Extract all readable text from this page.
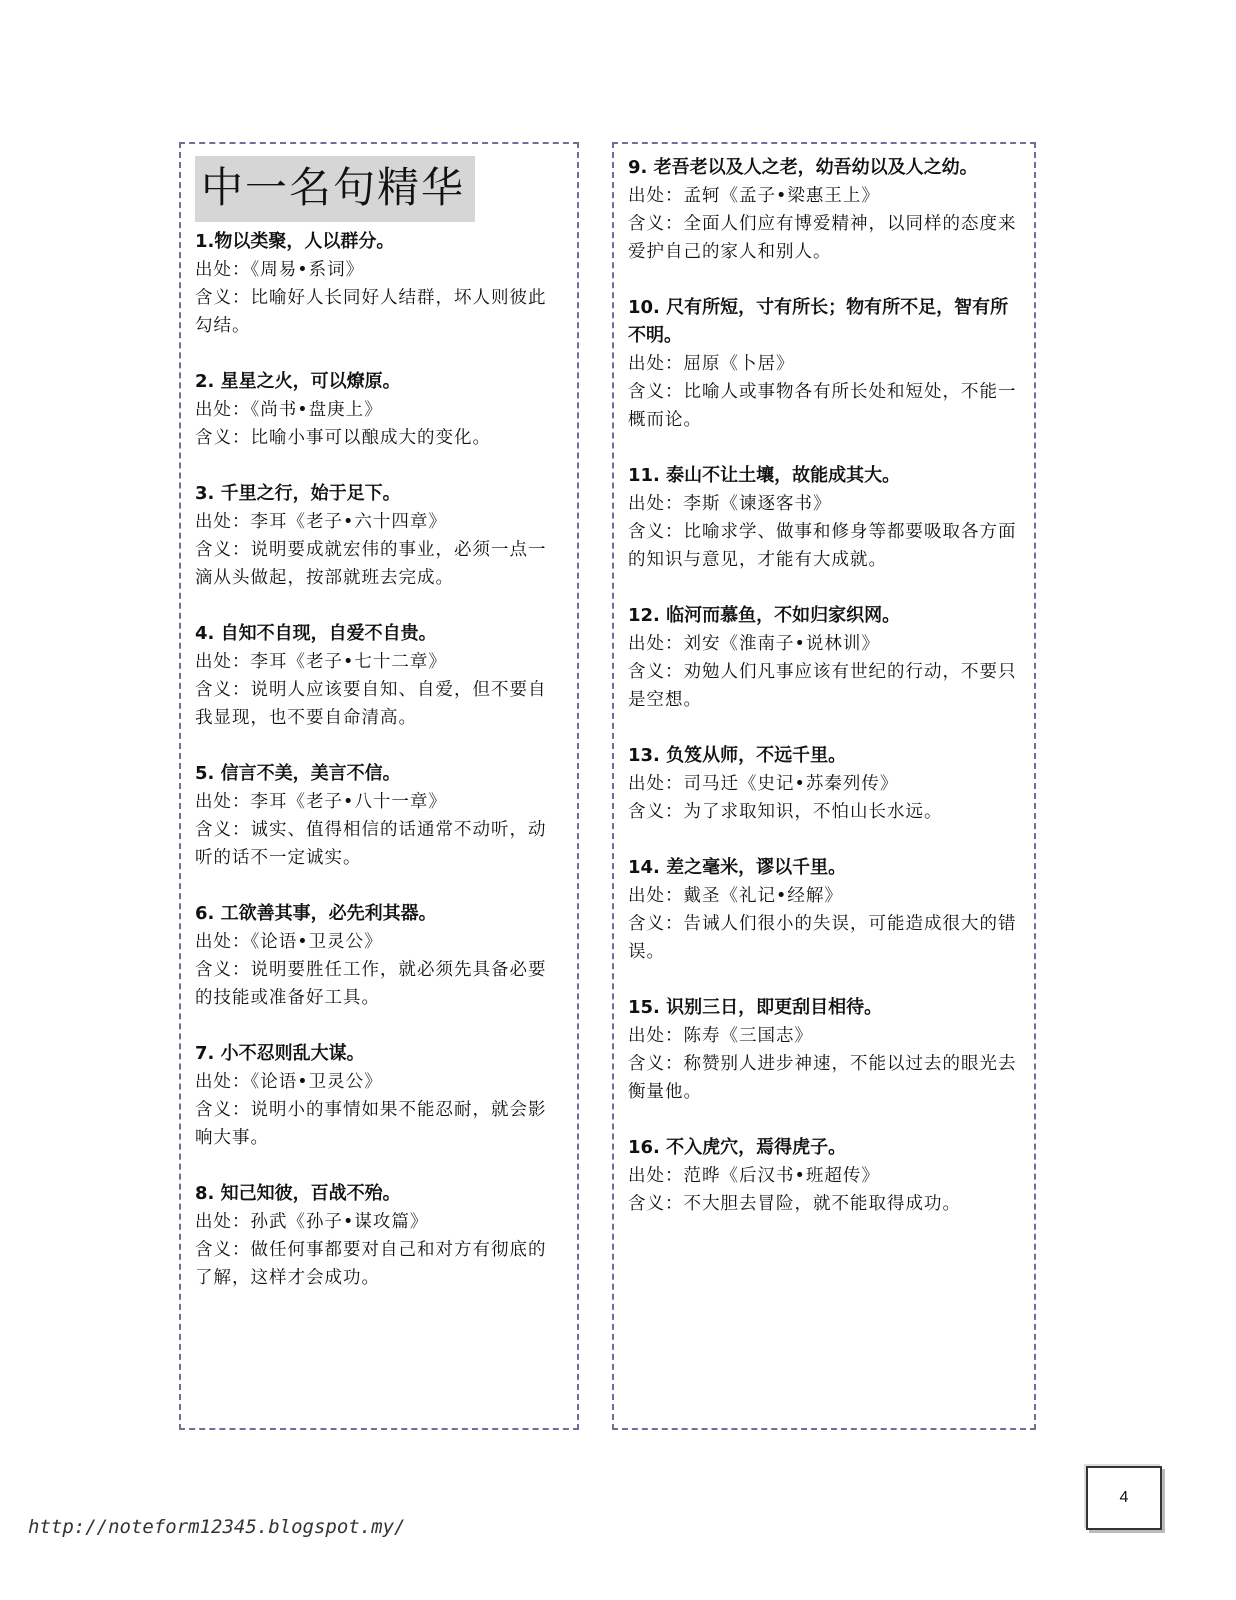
中一名句精华
1.物以类聚，人以群分。
出处：《周易•系词》
含义：比喻好人长同好人结群，坏人则彼此勾结。
2. 星星之火，可以燎原。
出处：《尚书•盘庚上》
含义：比喻小事可以酿成大的变化。
3. 千里之行，始于足下。
出处：李耳《老子•六十四章》
含义：说明要成就宏伟的事业，必须一点一滴从头做起，按部就班去完成。
4. 自知不自现，自爱不自贵。
出处：李耳《老子•七十二章》
含义：说明人应该要自知、自爱，但不要自我显现，也不要自命清高。
5. 信言不美，美言不信。
出处：李耳《老子•八十一章》
含义：诚实、值得相信的话通常不动听，动听的话不一定诚实。
6. 工欲善其事，必先利其器。
出处：《论语•卫灵公》
含义：说明要胜任工作，就必须先具备必要的技能或准备好工具。
7. 小不忍则乱大谋。
出处：《论语•卫灵公》
含义：说明小的事情如果不能忍耐，就会影响大事。
8. 知己知彼，百战不殆。
出处：孙武《孙子•谋攻篇》
含义：做任何事都要对自己和对方有彻底的了解，这样才会成功。
9. 老吾老以及人之老，幼吾幼以及人之幼。
出处：孟轲《孟子•梁惠王上》
含义：全面人们应有博爱精神，以同样的态度来爱护自己的家人和别人。
10. 尺有所短，寸有所长；物有所不足，智有所不明。
出处：屈原《卜居》
含义：比喻人或事物各有所长处和短处，不能一概而论。
11. 泰山不让土壤，故能成其大。
出处：李斯《谏逐客书》
含义：比喻求学、做事和修身等都要吸取各方面的知识与意见，才能有大成就。
12. 临河而慕鱼，不如归家织网。
出处：刘安《淮南子•说林训》
含义：劝勉人们凡事应该有世纪的行动，不要只是空想。
13. 负笈从师，不远千里。
出处：司马迁《史记•苏秦列传》
含义：为了求取知识，不怕山长水远。
14. 差之毫米，谬以千里。
出处：戴圣《礼记•经解》
含义：告诫人们很小的失误，可能造成很大的错误。
15. 识别三日，即更刮目相待。
出处：陈寿《三国志》
含义：称赞别人进步神速，不能以过去的眼光去衡量他。
16. 不入虎穴，焉得虎子。
出处：范晔《后汉书•班超传》
含义：不大胆去冒险，就不能取得成功。
4
http://noteform12345.blogspot.my/
